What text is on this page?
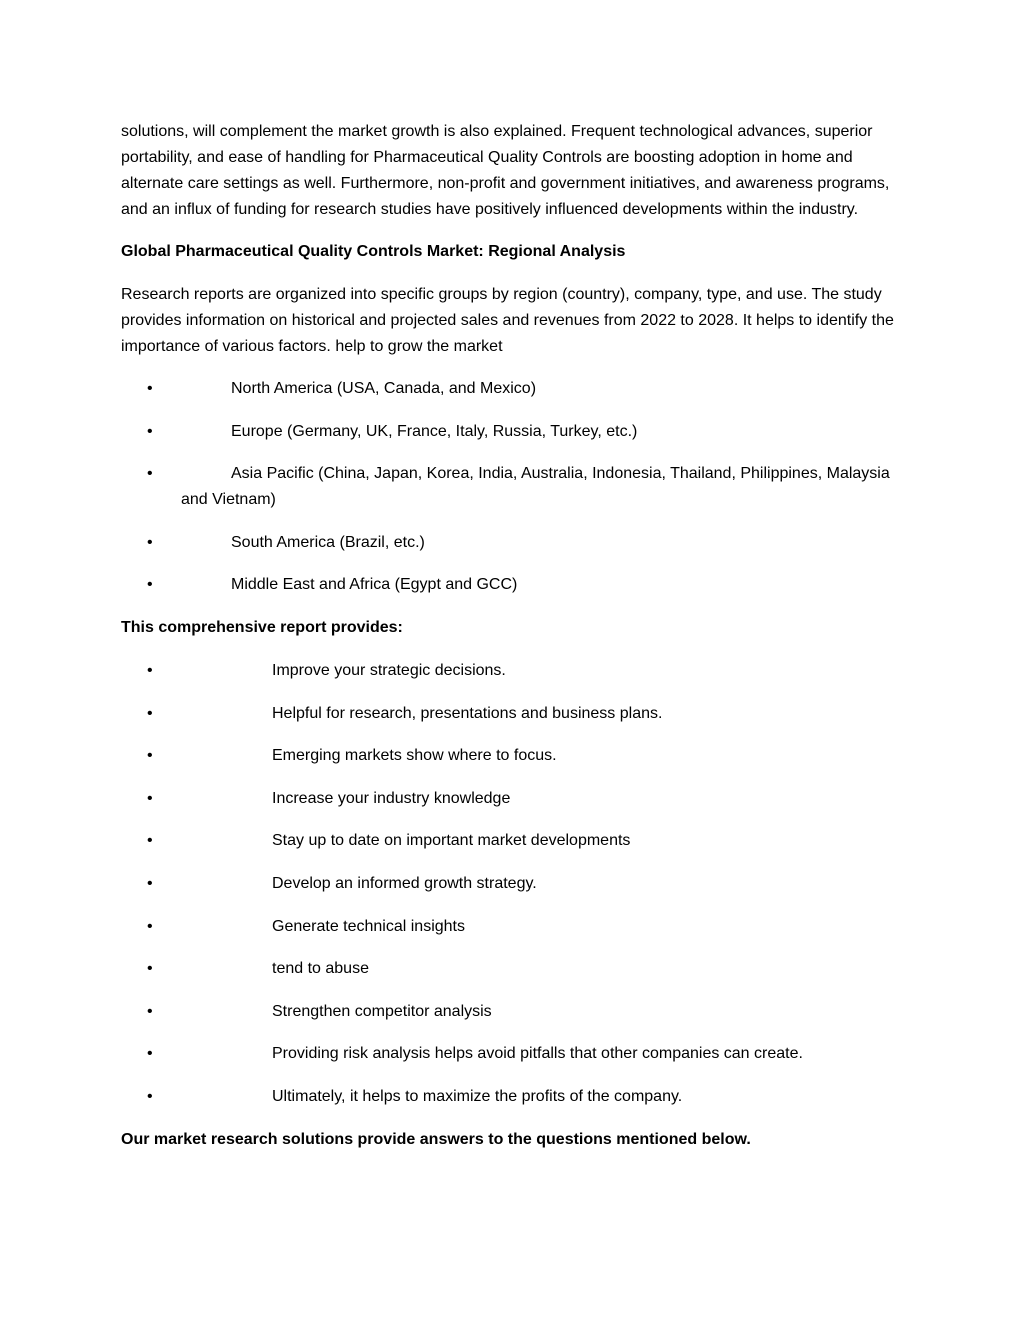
solutions, will complement the market growth is also explained. Frequent technological advances, superior portability, and ease of handling for Pharmaceutical Quality Controls are boosting adoption in home and alternate care settings as well. Furthermore, non-profit and government initiatives, and awareness programs, and an influx of funding for research studies have positively influenced developments within the industry.

Global Pharmaceutical Quality Controls Market: Regional Analysis

Research reports are organized into specific groups by region (country), company, type, and use. The study provides information on historical and projected sales and revenues from 2022 to 2028. It helps to identify the importance of various factors. help to grow the market

•	North America (USA, Canada, and Mexico)
•	Europe (Germany, UK, France, Italy, Russia, Turkey, etc.)
•	Asia Pacific (China, Japan, Korea, India, Australia, Indonesia, Thailand, Philippines, Malaysia and Vietnam)
•	South America (Brazil, etc.)
•	Middle East and Africa (Egypt and GCC)

This comprehensive report provides:

•	Improve your strategic decisions.
•	Helpful for research, presentations and business plans.
•	Emerging markets show where to focus.
•	Increase your industry knowledge
•	Stay up to date on important market developments
•	Develop an informed growth strategy.
•	Generate technical insights
•	tend to abuse
•	Strengthen competitor analysis
•	Providing risk analysis helps avoid pitfalls that other companies can create.
•	Ultimately, it helps to maximize the profits of the company.

Our market research solutions provide answers to the questions mentioned below.
